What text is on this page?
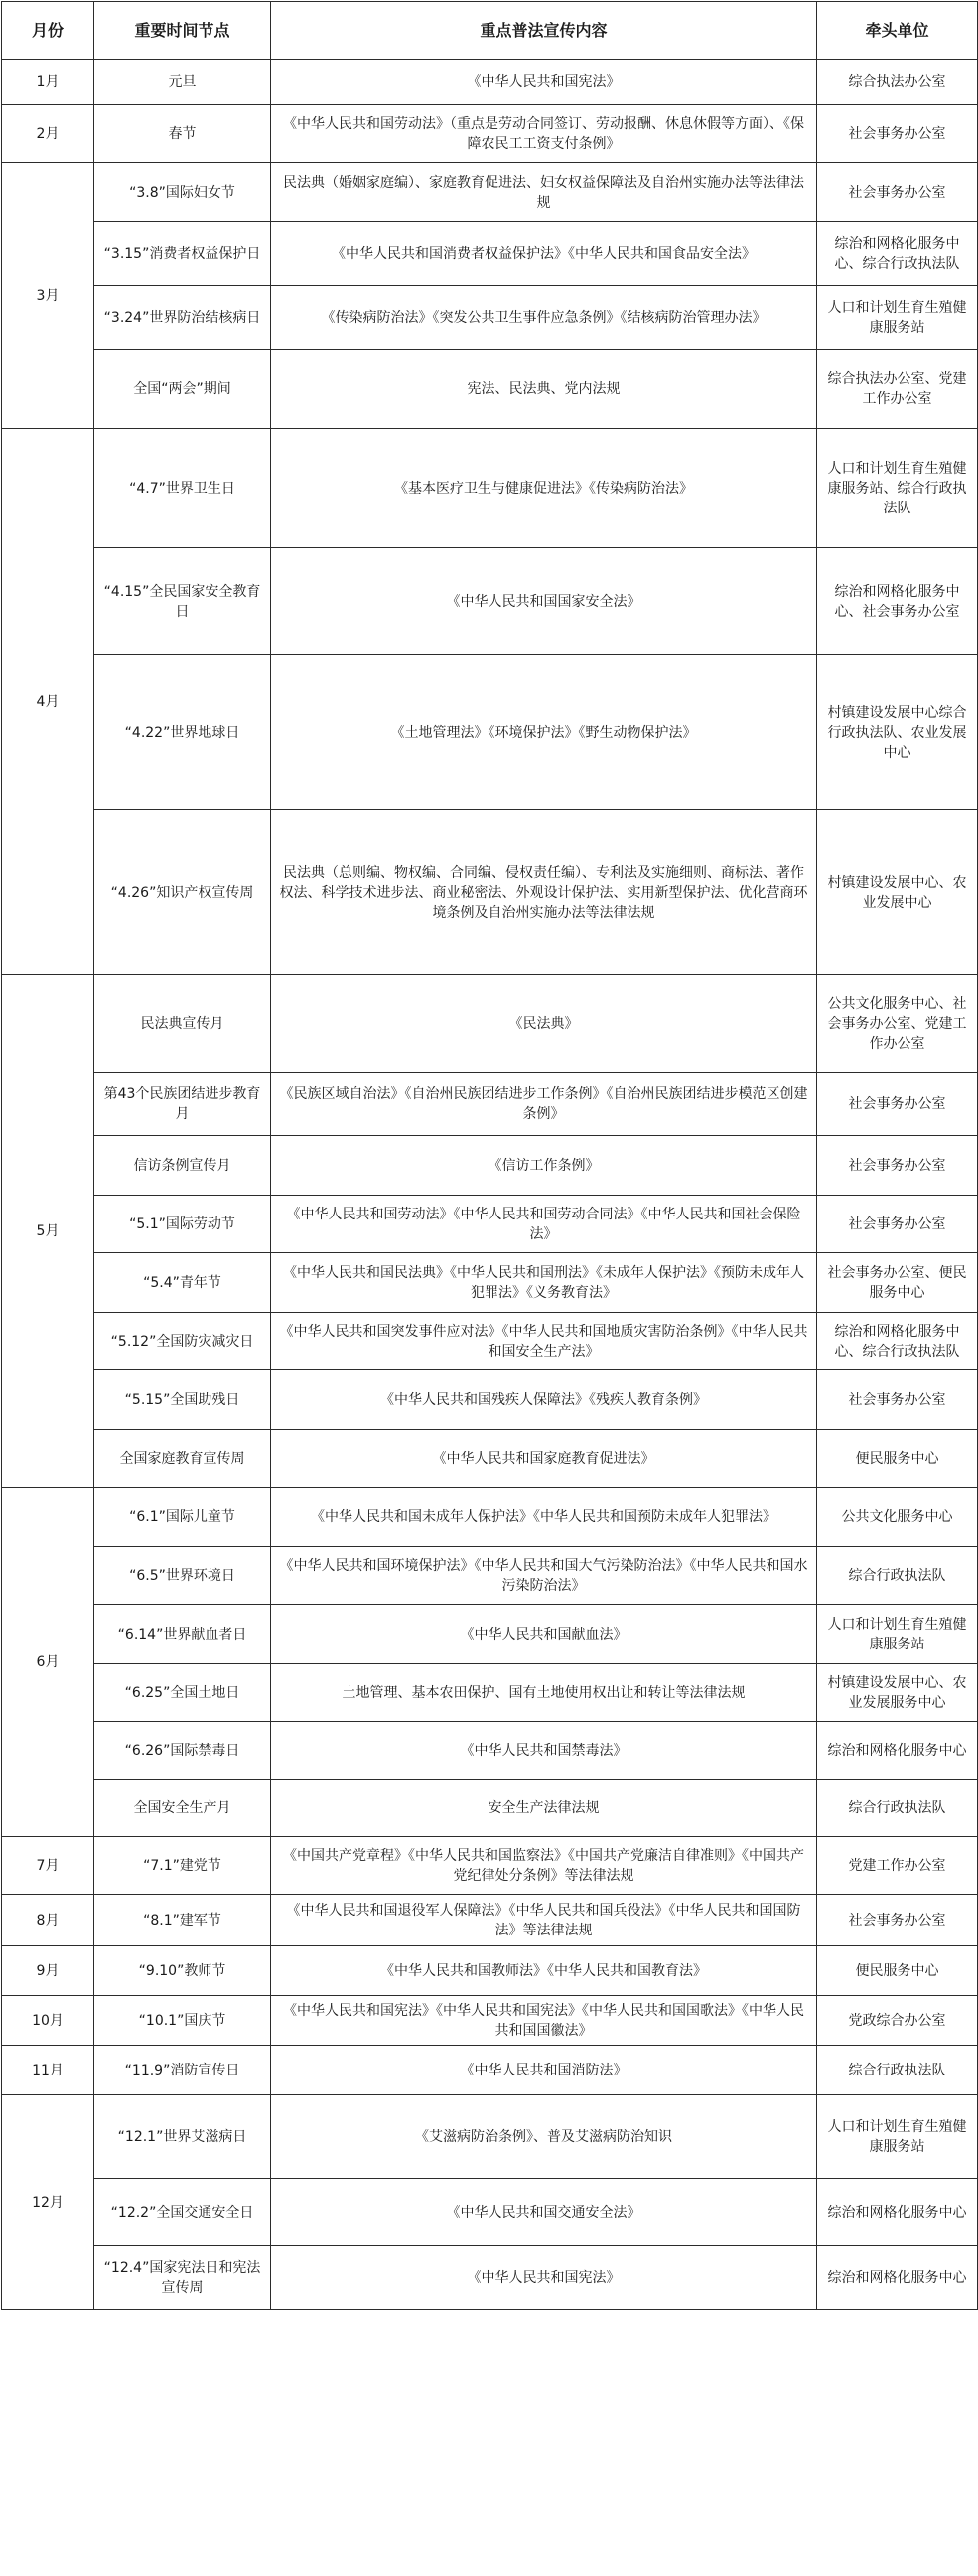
月份	重要时间节点	重点普法宣传内容	牵头单位
1月	元旦	《中华人民共和国宪法》	综合执法办公室
2月	春节	《中华人民共和国劳动法》（重点是劳动合同签订、劳动报酬、休息休假等方面）、《保障农民工工资支付条例》	社会事务办公室
3月	“3.8”国际妇女节	民法典（婚姻家庭编）、家庭教育促进法、妇女权益保障法及自治州实施办法等法律法规	社会事务办公室
	“3.15”消费者权益保护日	《中华人民共和国消费者权益保护法》《中华人民共和国食品安全法》	综治和网格化服务中心、综合行政执法队
	“3.24”世界防治结核病日	《传染病防治法》《突发公共卫生事件应急条例》《结核病防治管理办法》	人口和计划生育生殖健康服务站
	全国“两会”期间	宪法、民法典、党内法规	综合执法办公室、党建工作办公室
4月	“4.7”世界卫生日	《基本医疗卫生与健康促进法》《传染病防治法》	人口和计划生育生殖健康服务站、综合行政执法队
	“4.15”全民国家安全教育日	《中华人民共和国国家安全法》	综治和网格化服务中心、社会事务办公室
	“4.22”世界地球日	《土地管理法》《环境保护法》《野生动物保护法》	村镇建设发展中心综合行政执法队、农业发展中心
	“4.26”知识产权宣传周	民法典（总则编、物权编、合同编、侵权责任编）、专利法及实施细则、商标法、著作权法、科学技术进步法、商业秘密法、外观设计保护法、实用新型保护法、优化营商环境条例及自治州实施办法等法律法规	村镇建设发展中心、农业发展中心
5月	民法典宣传月	《民法典》	公共文化服务中心、社会事务办公室、党建工作办公室
	第43个民族团结进步教育月	《民族区域自治法》《自治州民族团结进步工作条例》《自治州民族团结进步模范区创建条例》	社会事务办公室
	信访条例宣传月	《信访工作条例》	社会事务办公室
	“5.1”国际劳动节	《中华人民共和国劳动法》《中华人民共和国劳动合同法》《中华人民共和国社会保险法》	社会事务办公室
	“5.4”青年节	《中华人民共和国民法典》《中华人民共和国刑法》《未成年人保护法》《预防未成年人犯罪法》《义务教育法》	社会事务办公室、便民服务中心
	“5.12”全国防灾减灾日	《中华人民共和国突发事件应对法》《中华人民共和国地质灾害防治条例》《中华人民共和国安全生产法》	综治和网格化服务中心、综合行政执法队
	“5.15”全国助残日	《中华人民共和国残疾人保障法》《残疾人教育条例》	社会事务办公室
	全国家庭教育宣传周	《中华人民共和国家庭教育促进法》	便民服务中心
6月	“6.1”国际儿童节	《中华人民共和国未成年人保护法》《中华人民共和国预防未成年人犯罪法》	公共文化服务中心
	“6.5”世界环境日	《中华人民共和国环境保护法》《中华人民共和国大气污染防治法》《中华人民共和国水污染防治法》	综合行政执法队
	“6.14”世界献血者日	《中华人民共和国献血法》	人口和计划生育生殖健康服务站
	“6.25”全国土地日	土地管理、基本农田保护、国有土地使用权出让和转让等法律法规	村镇建设发展中心、农业发展服务中心
	“6.26”国际禁毒日	《中华人民共和国禁毒法》	综治和网格化服务中心
	全国安全生产月	安全生产法律法规	综合行政执法队
7月	“7.1”建党节	《中国共产党章程》《中华人民共和国监察法》《中国共产党廉洁自律准则》《中国共产党纪律处分条例》等法律法规	党建工作办公室
8月	“8.1”建军节	《中华人民共和国退役军人保障法》《中华人民共和国兵役法》《中华人民共和国国防法》等法律法规	社会事务办公室
9月	“9.10”教师节	《中华人民共和国教师法》《中华人民共和国教育法》	便民服务中心
10月	“10.1”国庆节	《中华人民共和国宪法》《中华人民共和国宪法》《中华人民共和国国歌法》《中华人民共和国国徽法》	党政综合办公室
11月	“11.9”消防宣传日	《中华人民共和国消防法》	综合行政执法队
12月	“12.1”世界艾滋病日	《艾滋病防治条例》、普及艾滋病防治知识	人口和计划生育生殖健康服务站
	“12.2”全国交通安全日	《中华人民共和国交通安全法》	综治和网格化服务中心
	“12.4”国家宪法日和宪法宣传周	《中华人民共和国宪法》	综治和网格化服务中心
